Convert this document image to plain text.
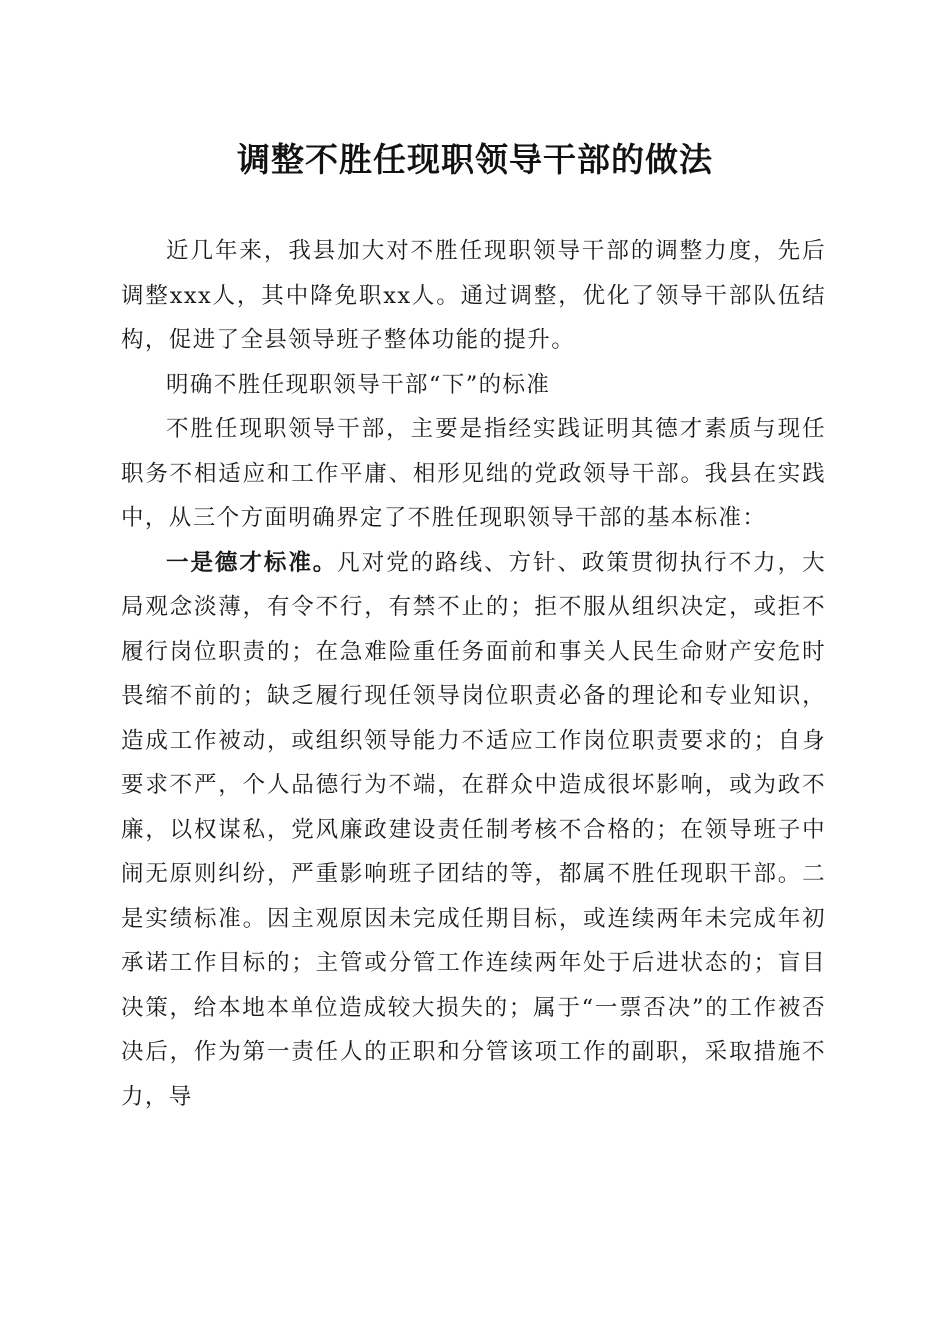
调整不胜任现职领导干部的做法

近几年来，我县加大对不胜任现职领导干部的调整力度，先后调整xxx人，其中降免职xx人。通过调整，优化了领导干部队伍结构，促进了全县领导班子整体功能的提升。

明确不胜任现职领导干部“下”的标准

不胜任现职领导干部，主要是指经实践证明其德才素质与现任职务不相适应和工作平庸、相形见绌的党政领导干部。我县在实践中，从三个方面明确界定了不胜任现职领导干部的基本标准：

一是德才标准。凡对党的路线、方针、政策贯彻执行不力，大局观念淡薄，有令不行，有禁不止的；拒不服从组织决定，或拒不履行岗位职责的；在急难险重任务面前和事关人民生命财产安危时畏缩不前的；缺乏履行现任领导岗位职责必备的理论和专业知识，造成工作被动，或组织领导能力不适应工作岗位职责要求的；自身要求不严，个人品德行为不端，在群众中造成很坏影响，或为政不廉，以权谋私，党风廉政建设责任制考核不合格的；在领导班子中闹无原则纠纷，严重影响班子团结的等，都属不胜任现职干部。二是实绩标准。因主观原因未完成任期目标，或连续两年未完成年初承诺工作目标的；主管或分管工作连续两年处于后进状态的；盲目决策，给本地本单位造成较大损失的；属于“一票否决”的工作被否决后，作为第一责任人的正职和分管该项工作的副职，采取措施不力，导
